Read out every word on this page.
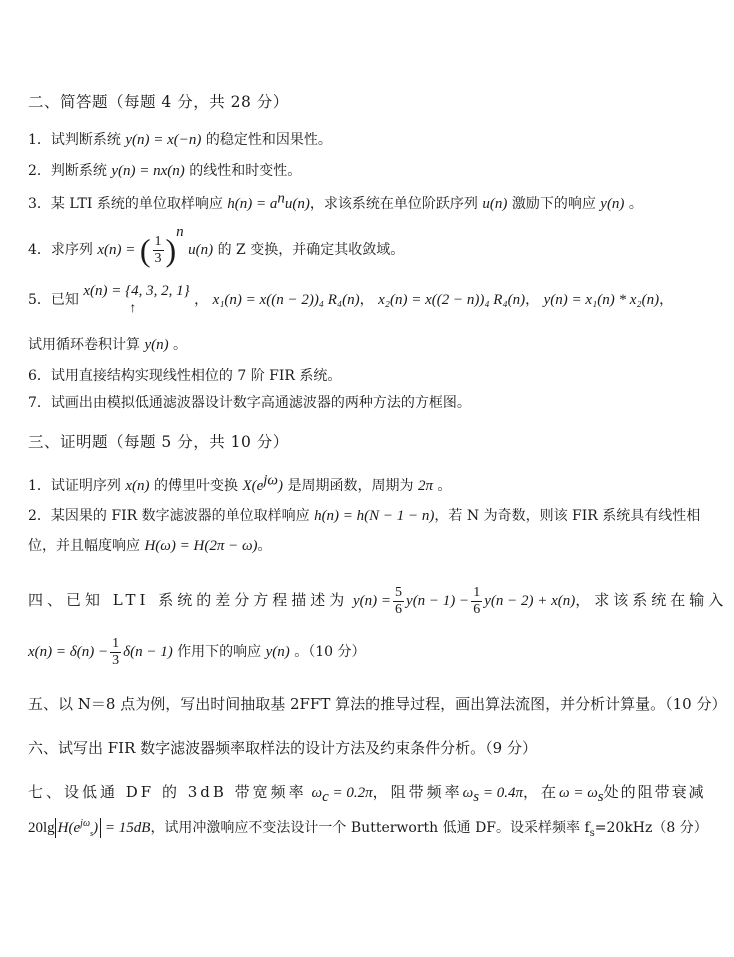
二、简答题（每题 4 分，共 28 分）
1．试判断系统 y(n) = x(−n) 的稳定性和因果性。
2．判断系统 y(n) = nx(n) 的线性和时变性。
3．某 LTI 系统的单位取样响应 $h(n) = a^nu(n)$，求该系统在单位阶跃序列 u(n) 激励下的响应 y(n) 。
4．求序列 x(n) = ( $\frac{1}{3} )^n$ u(n) 的 Z 变换，并确定其收敛域。
5．已知
x(n) = {4, 3, 2, 1}
↑
， x₁(n) = x((n − 2))₄ R₄(n)， x₂(n) = x((2 − n))₄ R₄(n)， y(n) = x₁(n) * x₂(n)，
试用循环卷积计算 y(n) 。
6．试用直接结构实现线性相位的 7 阶 FIR 系统。
7．试画出由模拟低通滤波器设计数字高通滤波器的两种方法的方框图。
三、证明题（每题 5 分，共 10 分）
1．试证明序列 x(n) 的傅里叶变换 $X(e^{j\omega})$ 是周期函数，周期为 2π 。
2．某因果的 FIR 数字滤波器的单位取样响应 h(n) = h(N − 1 − n)，若 N 为奇数，则该 FIR 系统具有线性相
位，并且幅度响应 H(ω) = H(2π − ω)。
四、已知 LTI 系统的差分方程描述为 $y(n) = \frac{5}{6} y(n - 1) - \frac{1}{6} y(n - 2) + x(n)$，求该系统在输入
$x(n) = \delta(n) - \frac{1}{3} \delta(n - 1)$ 作用下的响应 y(n) 。（10 分）
五、以 N＝8 点为例，写出时间抽取基 2FFT 算法的推导过程，画出算法流图，并分析计算量。（10 分）
六、试写出 FIR 数字滤波器频率取样法的设计方法及约束条件分析。（9 分）
七、设低通 DF 的 3dB 带宽频率 $\omega_c = 0.2\pi$，阻带频率$\omega_s = 0.4\pi$，在$\omega = \omega_s$处的阻带衰减
20lg $H(e^{j\omega}_s) = 15dB$，试用冲激响应不变法设计一个 Butterworth 低通 DF。设采样频率 $f_s=20kHz(8$ 分）
